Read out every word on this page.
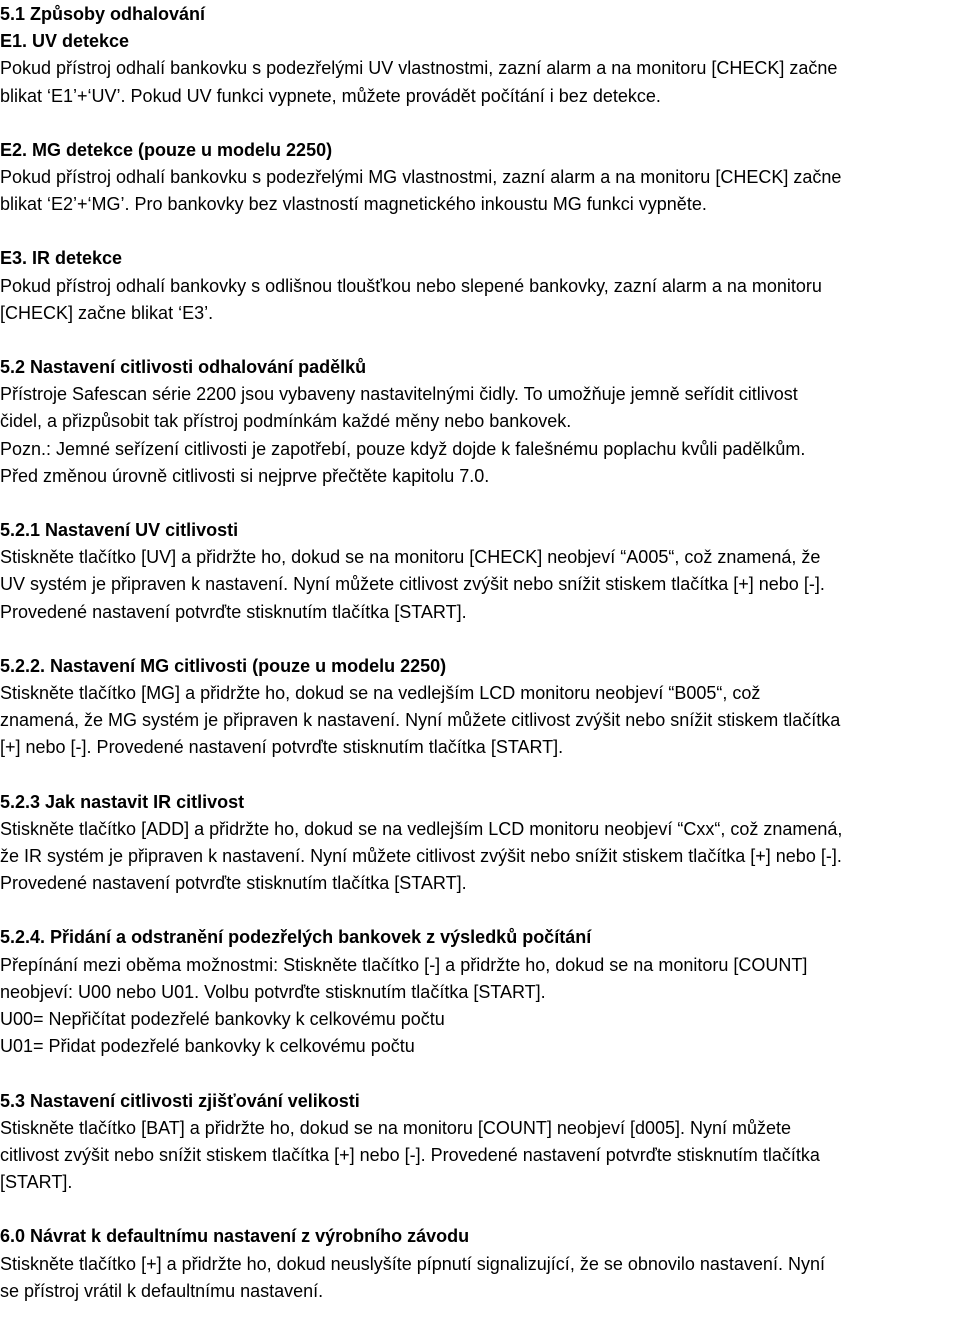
5.1 Způsoby odhalování
E1. UV detekce
Pokud přístroj odhalí bankovku s podezřelými UV vlastnostmi, zazní alarm a na monitoru [CHECK] začne
blikat ‘E1’+‘UV’. Pokud UV funkci vypnete, můžete provádět počítání i bez detekce.
E2. MG detekce (pouze u modelu 2250)
Pokud přístroj odhalí bankovku s podezřelými MG vlastnostmi, zazní alarm a na monitoru [CHECK] začne
blikat ‘E2’+‘MG’. Pro bankovky bez vlastností magnetického inkoustu MG funkci vypněte.
E3. IR detekce
Pokud přístroj odhalí bankovky s odlišnou tloušťkou nebo slepené bankovky, zazní alarm a na monitoru
[CHECK] začne blikat ‘E3’.
5.2 Nastavení citlivosti odhalování padělků
Přístroje Safescan série 2200 jsou vybaveny nastavitelnými čidly. To umožňuje jemně seřídit citlivost
čidel, a přizpůsobit tak přístroj podmínkám každé měny nebo bankovek.
Pozn.: Jemné seřízení citlivosti je zapotřebí, pouze když dojde k falešnému poplachu kvůli padělkům.
Před změnou úrovně citlivosti si nejprve přečtěte kapitolu 7.0.
5.2.1 Nastavení UV citlivosti
Stiskněte tlačítko [UV] a přidržte ho, dokud se na monitoru [CHECK] neobjeví “A005“, což znamená, že
UV systém je připraven k nastavení. Nyní můžete citlivost zvýšit nebo snížit stiskem tlačítka [+] nebo [-].
Provedené nastavení potvrďte stisknutím tlačítka [START].
5.2.2. Nastavení MG citlivosti (pouze u modelu 2250)
Stiskněte tlačítko [MG] a přidržte ho, dokud se na vedlejším LCD monitoru neobjeví “B005“, což
znamená, že MG systém je připraven k nastavení. Nyní můžete citlivost zvýšit nebo snížit stiskem tlačítka
[+] nebo [-]. Provedené nastavení potvrďte stisknutím tlačítka [START].
5.2.3 Jak nastavit IR citlivost
Stiskněte tlačítko [ADD] a přidržte ho, dokud se na vedlejším LCD monitoru neobjeví “Cxx“, což znamená,
že IR systém je připraven k nastavení. Nyní můžete citlivost zvýšit nebo snížit stiskem tlačítka [+] nebo [-].
Provedené nastavení potvrďte stisknutím tlačítka [START].
5.2.4. Přidání a odstranění podezřelých bankovek z výsledků počítání
Přepínání mezi oběma možnostmi: Stiskněte tlačítko [-] a přidržte ho, dokud se na monitoru [COUNT]
neobjeví: U00 nebo U01. Volbu potvrďte stisknutím tlačítka [START].
U00= Nepřičítat podezřelé bankovky k celkovému počtu
U01= Přidat podezřelé bankovky k celkovému počtu
5.3 Nastavení citlivosti zjišťování velikosti
Stiskněte tlačítko [BAT] a přidržte ho, dokud se na monitoru [COUNT] neobjeví [d005]. Nyní můžete
citlivost zvýšit nebo snížit stiskem tlačítka [+] nebo [-]. Provedené nastavení potvrďte stisknutím tlačítka
[START].
6.0 Návrat k defaultnímu nastavení z výrobního závodu
Stiskněte tlačítko [+] a přidržte ho, dokud neuslyšíte pípnutí signalizující, že se obnovilo nastavení. Nyní
se přístroj vrátil k defaultnímu nastavení.
